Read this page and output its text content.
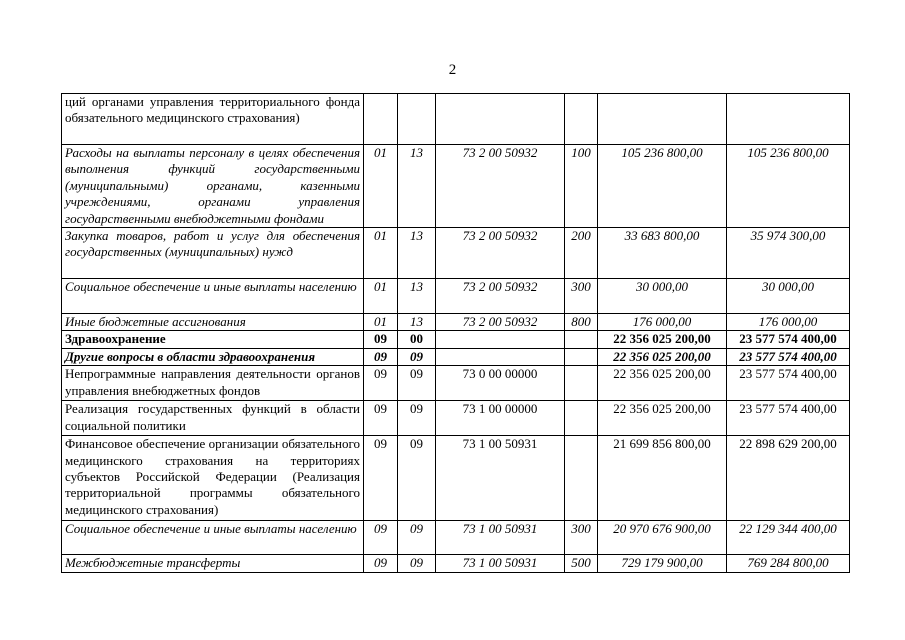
2
ций органами управления территориального фонда обязательного медицинского страхования)						
Расходы на выплаты персоналу в целях обеспечения выполнения функций государственными (муниципальными) органами, казенными учреждениями, органами управления государственными внебюджетными фондами	01	13	73 2 00 50932	100	105 236 800,00	105 236 800,00
Закупка товаров, работ и услуг для обеспечения государственных (муниципальных) нужд	01	13	73 2 00 50932	200	33 683 800,00	35 974 300,00
Социальное обеспечение и иные выплаты населению	01	13	73 2 00 50932	300	30 000,00	30 000,00
Иные бюджетные ассигнования	01	13	73 2 00 50932	800	176 000,00	176 000,00
Здравоохранение	09	00			22 356 025 200,00	23 577 574 400,00
Другие вопросы в области здравоохранения	09	09			22 356 025 200,00	23 577 574 400,00
Непрограммные направления деятельности органов управления внебюджетных фондов	09	09	73 0 00 00000		22 356 025 200,00	23 577 574 400,00
Реализация государственных функций в области социальной политики	09	09	73 1 00 00000		22 356 025 200,00	23 577 574 400,00
Финансовое обеспечение организации обязательного медицинского страхования на территориях субъектов Российской Федерации (Реализация территориальной программы обязательного медицинского страхования)	09	09	73 1 00 50931		21 699 856 800,00	22 898 629 200,00
Социальное обеспечение и иные выплаты населению	09	09	73 1 00 50931	300	20 970 676 900,00	22 129 344 400,00
Межбюджетные трансферты	09	09	73 1 00 50931	500	729 179 900,00	769 284 800,00
